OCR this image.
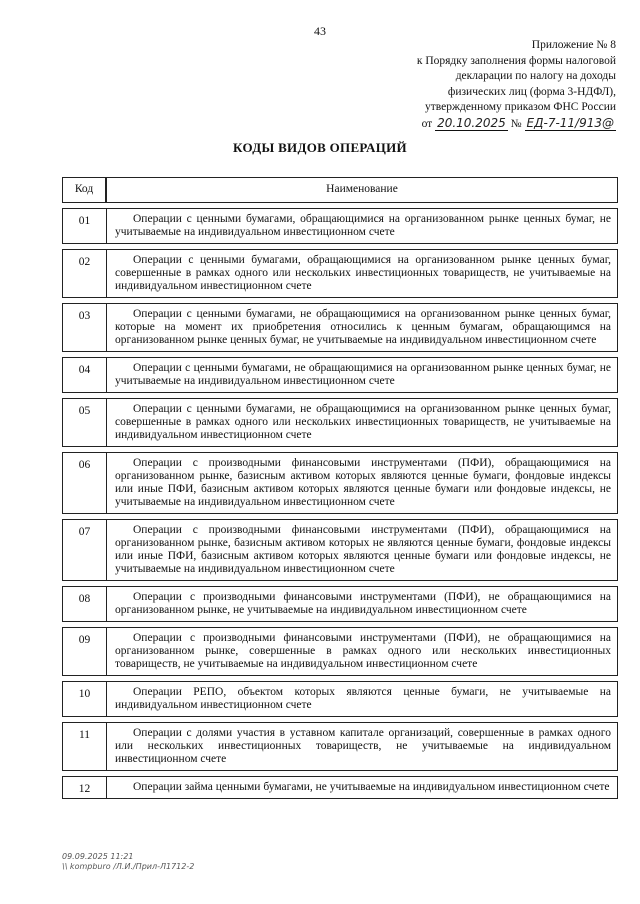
43
Приложение № 8
к Порядку заполнения формы налоговой
декларации по налогу на доходы
физических лиц (форма 3-НДФЛ),
утвержденному приказом ФНС России
от 20.10.2025 № ЕД-7-11/913@
КОДЫ ВИДОВ ОПЕРАЦИЙ
Код	Наименование
01	Операции с ценными бумагами, обращающимися на организованном рынке ценных бумаг, не учитываемые на индивидуальном инвестиционном счете

02	Операции с ценными бумагами, обращающимися на организованном рынке ценных бумаг, совершенные в рамках одного или нескольких инвестиционных товариществ, не учитываемые на индивидуальном инвестиционном счете

03	Операции с ценными бумагами, не обращающимися на организованном рынке ценных бумаг, которые на момент их приобретения относились к ценным бумагам, обращающимся на организованном рынке ценных бумаг, не учитываемые на индивидуальном инвестиционном счете

04	Операции с ценными бумагами, не обращающимися на организованном рынке ценных бумаг, не учитываемые на индивидуальном инвестиционном счете

05	Операции с ценными бумагами, не обращающимися на организованном рынке ценных бумаг, совершенные в рамках одного или нескольких инвестиционных товариществ, не учитываемые на индивидуальном инвестиционном счете

06	Операции с производными финансовыми инструментами (ПФИ), обращающимися на организованном рынке, базисным активом которых являются ценные бумаги, фондовые индексы или иные ПФИ, базисным активом которых являются ценные бумаги или фондовые индексы, не учитываемые на индивидуальном инвестиционном счете

07	Операции с производными финансовыми инструментами (ПФИ), обращающимися на организованном рынке, базисным активом которых не являются ценные бумаги, фондовые индексы или иные ПФИ, базисным активом которых являются ценные бумаги или фондовые индексы, не учитываемые на индивидуальном инвестиционном счете

08	Операции с производными финансовыми инструментами (ПФИ), не обращающимися на организованном рынке, не учитываемые на индивидуальном инвестиционном счете

09	Операции с производными финансовыми инструментами (ПФИ), не обращающимися на организованном рынке, совершенные в рамках одного или нескольких инвестиционных товариществ, не учитываемые на индивидуальном инвестиционном счете

10	Операции РЕПО, объектом которых являются ценные бумаги, не учитываемые на индивидуальном инвестиционном счете

11	Операции с долями участия в уставном капитале организаций, совершенные в рамках одного или нескольких инвестиционных товариществ, не учитываемые на индивидуальном инвестиционном счете

12	Операции займа ценными бумагами, не учитываемые на индивидуальном инвестиционном счете
09.09.2025 11:21
\\ kompburo /Л.И./Прил-Л1712-2
